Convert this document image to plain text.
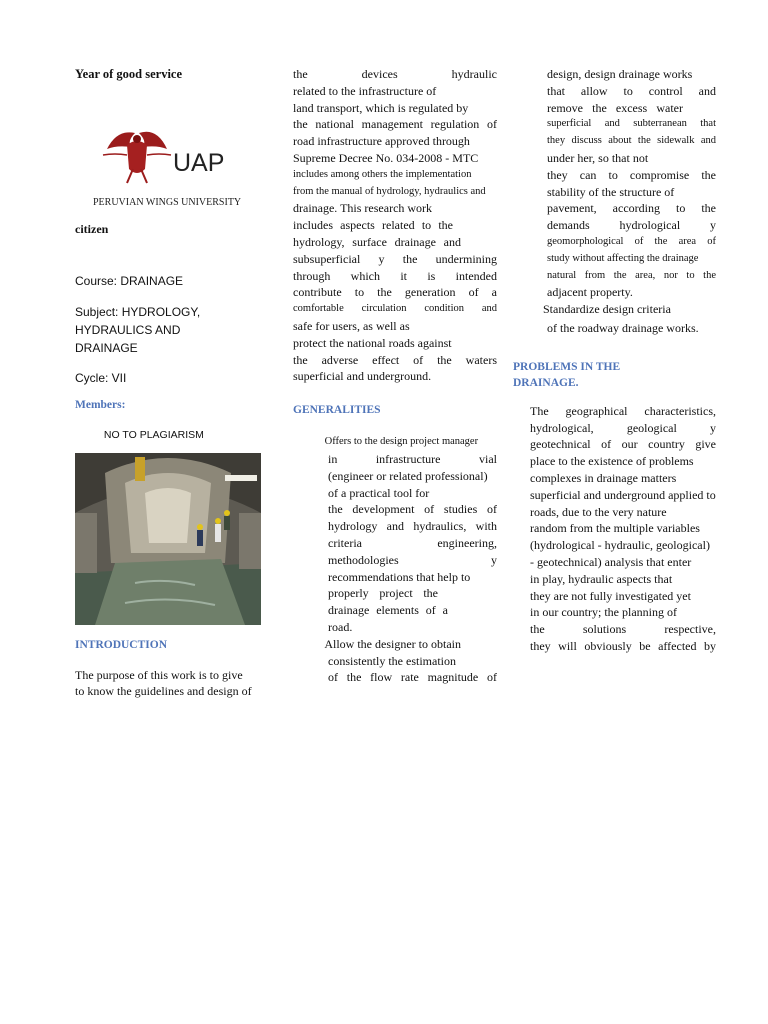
Year of good service
UAP
PERUVIAN WINGS UNIVERSITY
citizen
Course: DRAINAGE
Subject: HYDROLOGY, HYDRAULICS AND
DRAINAGE
Cycle: VII
Members:
NO TO PLAGIARISM
INTRODUCTION
The purpose of this work is to give
to know the guidelines and design of
the devices hydraulic
related to the infrastructure of
land transport, which is regulated by
the national management regulation of
road infrastructure approved through
Supreme Decree No. 034-2008 - MTC
includes among others the implementation
from the manual of hydrology, hydraulics and
drainage. This research work
includes aspects related to the
hydrology, surface drainage and
subsuperficial y the undermining
through which it is intended
contribute to the generation of a
comfortable circulation condition and
safe for users, as well as
protect the national roads against
the adverse effect of the waters
superficial and underground.
GENERALITIES
Offers to the design project manager
in infrastructure vial
(engineer or related professional)
of a practical tool for
the development of studies of
hydrology and hydraulics, with
criteria engineering,
methodologies y
recommendations that help to
properly project the
drainage elements of a
road.
Allow the designer to obtain
consistently the estimation
of the flow rate magnitude of
design, design drainage works
that allow to control and
remove the excess water
superficial and subterranean that
they discuss about the sidewalk and
under her, so that not
they can to compromise the
stability of the structure of
pavement, according to the
demands hydrological y
geomorphological of the area of
study without affecting the drainage
natural from the area, nor to the
adjacent property.
Standardize design criteria
of the roadway drainage works.
PROBLEMS IN THE
DRAINAGE.
The geographical characteristics,
hydrological, geological y
geotechnical of our country give
place to the existence of problems
complexes in drainage matters
superficial and underground applied to
roads, due to the very nature
random from the multiple variables
(hydrological - hydraulic, geological)
- geotechnical) analysis that enter
in play, hydraulic aspects that
they are not fully investigated yet
in our country; the planning of
the solutions respective,
they will obviously be affected by
